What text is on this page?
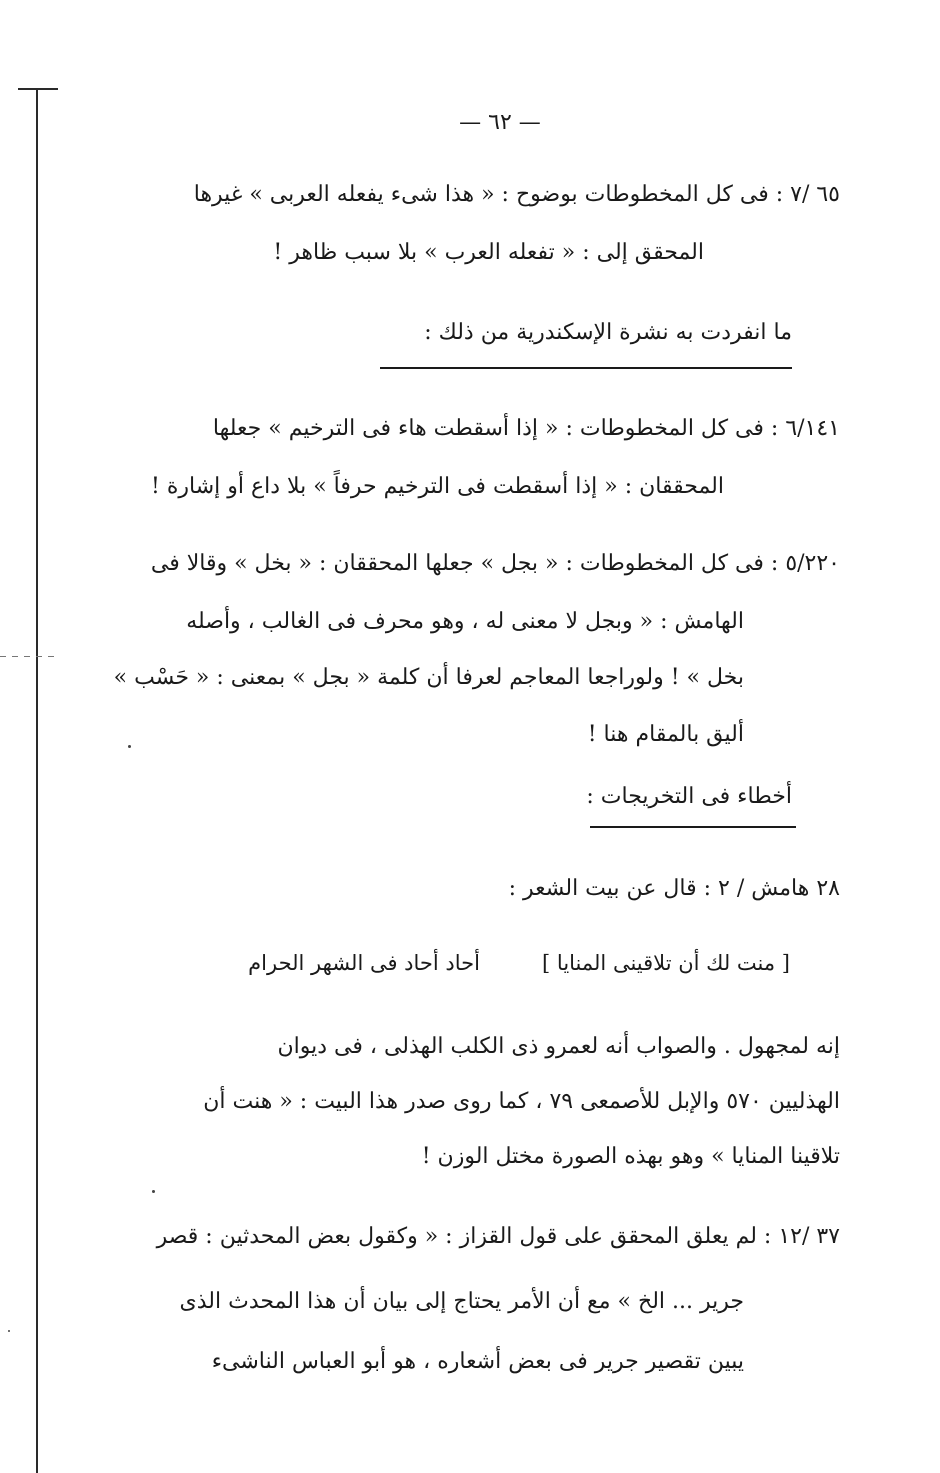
— ٦٢ —
٦٥ /٧ : فى كل المخطوطات بوضوح : « هذا شىء يفعله العربى » غيرها
المحقق إلى : « تفعله العرب » بلا سبب ظاهر !
ما انفردت به نشرة الإسكندرية من ذلك :
٦/١٤١ : فى كل المخطوطات : « إذا أسقطت هاء فى الترخيم » جعلها
المحققان : « إذا أسقطت فى الترخيم حرفاً » بلا داع أو إشارة !
٥/٢٢٠ : فى كل المخطوطات : « بجل » جعلها المحققان : « بخل » وقالا فى
الهامش : « وبجل لا معنى له ، وهو محرف فى الغالب ، وأصله
بخل » ! ولوراجعا المعاجم لعرفا أن كلمة « بجل » بمعنى : « حَسْب »
أليق بالمقام هنا !
أخطاء فى التخريجات :
٢٨ هامش / ٢ : قال عن بيت الشعر :
[ منت لك أن تلاقينى المنايا ]
أحاد أحاد فى الشهر الحرام
إنه لمجهول . والصواب أنه لعمرو ذى الكلب الهذلى ، فى ديوان
الهذليين ٥٧٠ والإبل للأصمعى ٧٩ ، كما روى صدر هذا البيت : « هنت أن
تلاقينا المنايا » وهو بهذه الصورة مختل الوزن !
٣٧ /١٢ : لم يعلق المحقق على قول القزاز : « وكقول بعض المحدثين : قصر
جرير ... الخ » مع أن الأمر يحتاج إلى بيان أن هذا المحدث الذى
يبين تقصير جرير فى بعض أشعاره ، هو أبو العباس الناشىء
